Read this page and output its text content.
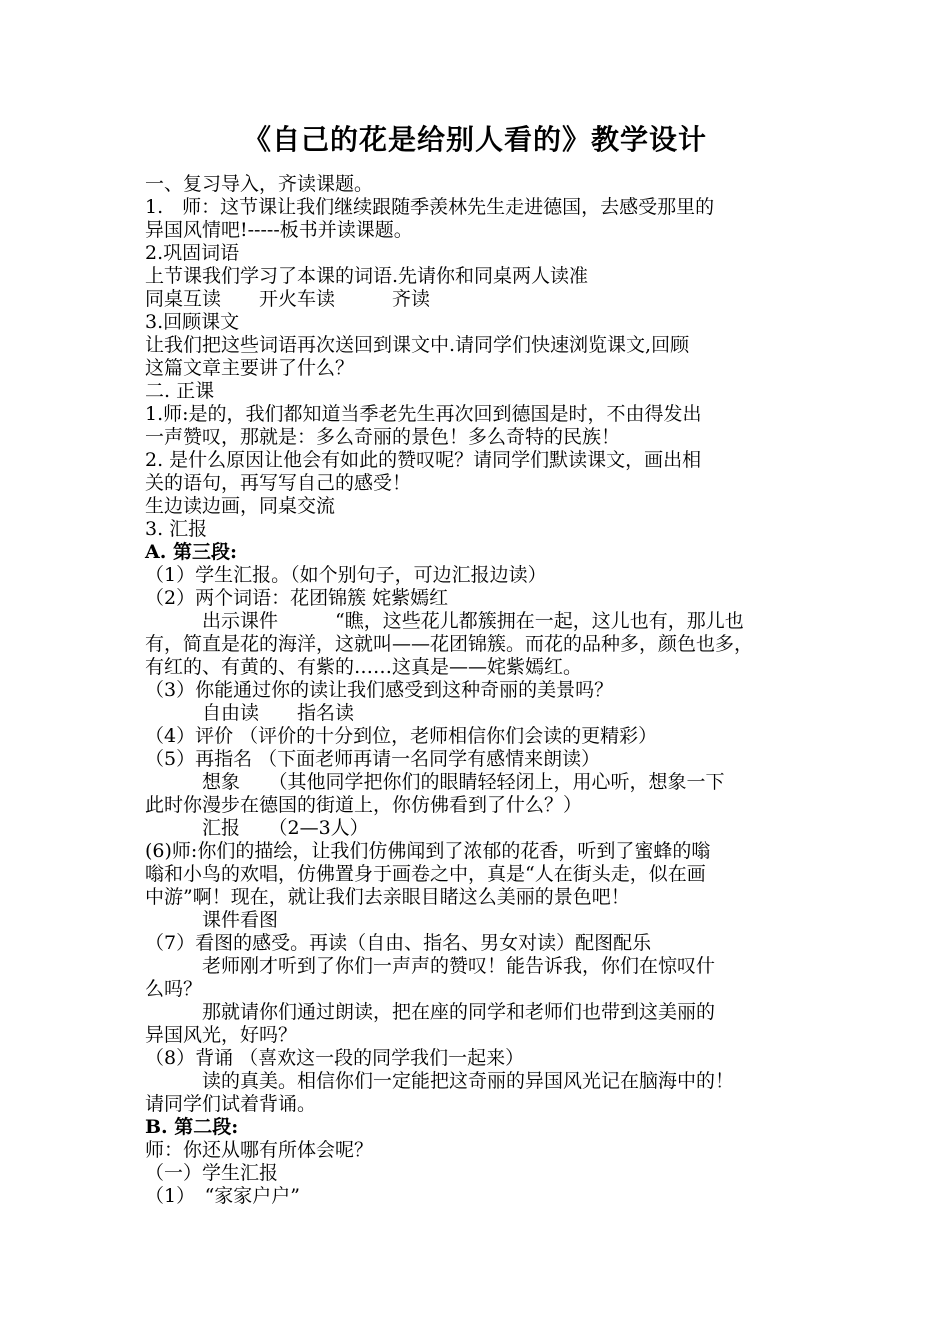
《自己的花是给别人看的》教学设计
一、复习导入，齐读课题。
1.　师：这节课让我们继续跟随季羡林先生走进德国，去感受那里的
异国风情吧!-----板书并读课题。
2.巩固词语
上节课我们学习了本课的词语.先请你和同桌两人读准
同桌互读　　开火车读　　　齐读
3.回顾课文
让我们把这些词语再次送回到课文中.请同学们快速浏览课文,回顾
这篇文章主要讲了什么？
二. 正课
1.师:是的，我们都知道当季老先生再次回到德国是时，不由得发出
一声赞叹，那就是：多么奇丽的景色！多么奇特的民族！
2. 是什么原因让他会有如此的赞叹呢？请同学们默读课文，画出相
关的语句，再写写自己的感受！
生边读边画，同桌交流
3. 汇报
A. 第三段:
（1）学生汇报。（如个别句子，可边汇报边读）
（2）两个词语：花团锦簇 姹紫嫣红
出示课件　　　“瞧，这些花儿都簇拥在一起，这儿也有，那儿也
有，简直是花的海洋，这就叫——花团锦簇。而花的品种多，颜色也多，
有红的、有黄的、有紫的……这真是——姹紫嫣红。
（3）你能通过你的读让我们感受到这种奇丽的美景吗？
自由读　　指名读
（4）评价 （评价的十分到位，老师相信你们会读的更精彩）
（5）再指名 （下面老师再请一名同学有感情来朗读）
想象　　（其他同学把你们的眼睛轻轻闭上，用心听，想象一下
此时你漫步在德国的街道上，你仿佛看到了什么？）
汇报　　（2—3人）
(6)师:你们的描绘，让我们仿佛闻到了浓郁的花香，听到了蜜蜂的嗡
嗡和小鸟的欢唱，仿佛置身于画卷之中，真是“人在街头走，似在画
中游”啊！现在，就让我们去亲眼目睹这么美丽的景色吧！
课件看图
（7）看图的感受。再读（自由、指名、男女对读）配图配乐
老师刚才听到了你们一声声的赞叹！能告诉我，你们在惊叹什
么吗？
那就请你们通过朗读，把在座的同学和老师们也带到这美丽的
异国风光，好吗？
（8）背诵 （喜欢这一段的同学我们一起来）
读的真美。相信你们一定能把这奇丽的异国风光记在脑海中的！
请同学们试着背诵。
B. 第二段:
师：你还从哪有所体会呢？
（一）学生汇报
（1）　“家家户户”
